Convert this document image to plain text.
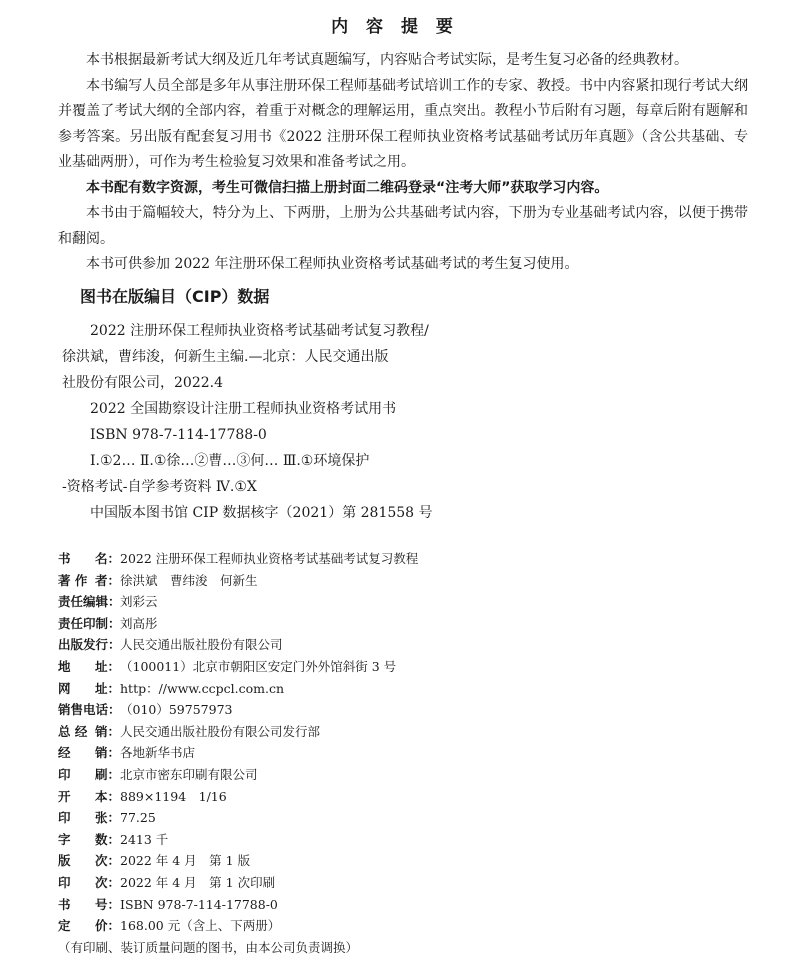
内 容 提 要

本书根据最新考试大纲及近几年考试真题编写，内容贴合考试实际，是考生复习必备的经典教材。

本书编写人员全部是多年从事注册环保工程师基础考试培训工作的专家、教授。书中内容紧扣现行考试大纲并覆盖了考试大纲的全部内容，着重于对概念的理解运用，重点突出。教程小节后附有习题，每章后附有题解和参考答案。另出版有配套复习用书《2022 注册环保工程师执业资格考试基础考试历年真题》（含公共基础、专业基础两册），可作为考生检验复习效果和准备考试之用。

本书配有数字资源，考生可微信扫描上册封面二维码登录“注考大师”获取学习内容。

本书由于篇幅较大，特分为上、下两册，上册为公共基础考试内容，下册为专业基础考试内容，以便于携带和翻阅。

本书可供参加 2022 年注册环保工程师执业资格考试基础考试的考生复习使用。

图书在版编目（CIP）数据
2022 注册环保工程师执业资格考试基础考试复习教程/
徐洪斌，曹纬浚，何新生主编.—北京：人民交通出版
社股份有限公司，2022.4
2022 全国勘察设计注册工程师执业资格考试用书
ISBN 978-7-114-17788-0
Ⅰ.①2… Ⅱ.①徐…②曹…③何… Ⅲ.①环境保护
-资格考试-自学参考资料 Ⅳ.①X
中国版本图书馆 CIP 数据核字（2021）第 281558 号
书 名 ： 2022 注册环保工程师执业资格考试基础考试复习教程
著 作 者 ： 徐洪斌　曹纬浚　何新生
责任编辑 ： 刘彩云
责任印制 ： 刘高彤
出版发行 ： 人民交通出版社股份有限公司
地 址 ： （100011）北京市朝阳区安定门外外馆斜街 3 号
网 址 ： http：//www.ccpcl.com.cn
销售电话 ： （010）59757973
总 经 销 ： 人民交通出版社股份有限公司发行部
经 销 ： 各地新华书店
印 刷 ： 北京市密东印刷有限公司
开 本 ： 889×1194　1/16
印 张 ： 77.25
字 数 ： 2413 千
版 次 ： 2022 年 4 月　第 1 版
印 次 ： 2022 年 4 月　第 1 次印刷
书 号 ： ISBN 978-7-114-17788-0
定 价 ： 168.00 元（含上、下两册）
（有印刷、装订质量问题的图书，由本公司负责调换）
